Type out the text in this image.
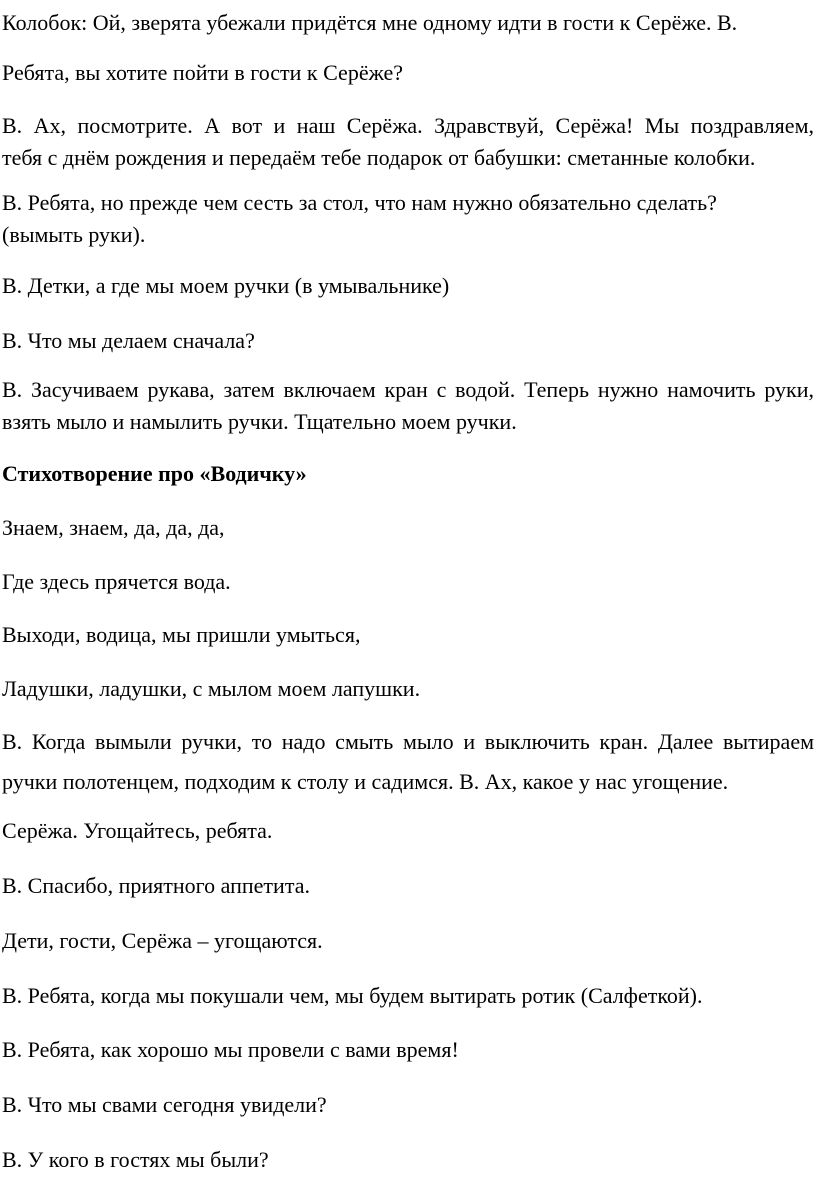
Колобок: Ой, зверята убежали придётся мне одному идти в гости к Серёже. В.

Ребята, вы хотите пойти в гости к Серёже?

В. Ах, посмотрите. А вот и наш Серёжа. Здравствуй, Серёжа! Мы поздравляем,
тебя с днём рождения и передаём тебе подарок от бабушки: сметанные колобки.

В. Ребята, но прежде чем сесть за стол, что нам нужно обязательно сделать?
(вымыть руки).

В. Детки, а где мы моем ручки (в умывальнике)

В. Что мы делаем сначала?

В. Засучиваем рукава, затем включаем кран с водой. Теперь нужно намочить руки,
взять мыло и намылить ручки. Тщательно моем ручки.

Стихотворение про «Водичку»

Знаем, знаем, да, да, да,

Где здесь прячется вода.

Выходи, водица, мы пришли умыться,

Ладушки, ладушки, с мылом моем лапушки.

В. Когда вымыли ручки, то надо смыть мыло и выключить кран. Далее вытираем
ручки полотенцем, подходим к столу и садимся. В. Ах, какое у нас угощение.

Серёжа. Угощайтесь, ребята.

В. Спасибо, приятного аппетита.

Дети, гости, Серёжа – угощаются.

В. Ребята, когда мы покушали чем, мы будем вытирать ротик (Салфеткой).

В. Ребята, как хорошо мы провели с вами время!

В. Что мы свами сегодня увидели?

В. У кого в гостях мы были?
